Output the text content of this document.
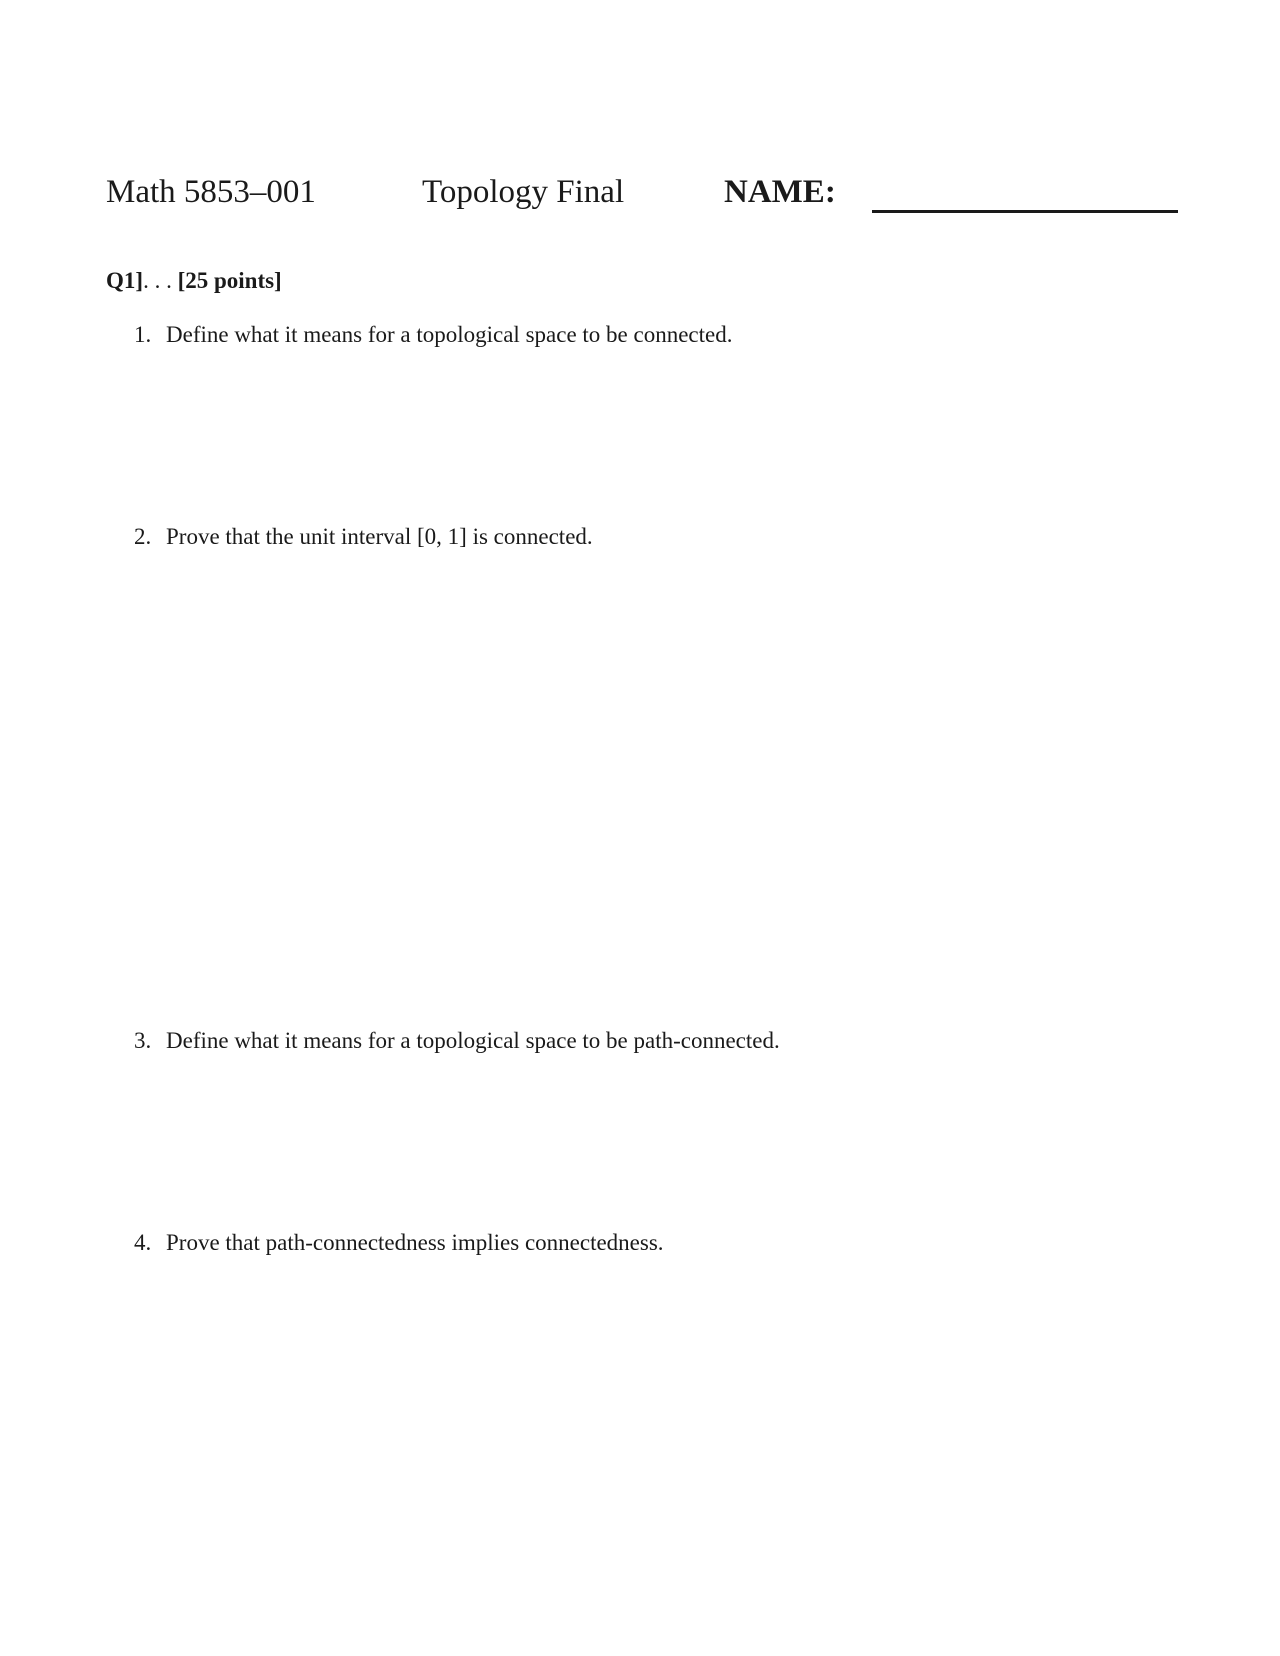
Math 5853–001	Topology Final	NAME:
Q1]. . . [25 points]
1. Define what it means for a topological space to be connected.
2. Prove that the unit interval [0, 1] is connected.
3. Define what it means for a topological space to be path-connected.
4. Prove that path-connectedness implies connectedness.
